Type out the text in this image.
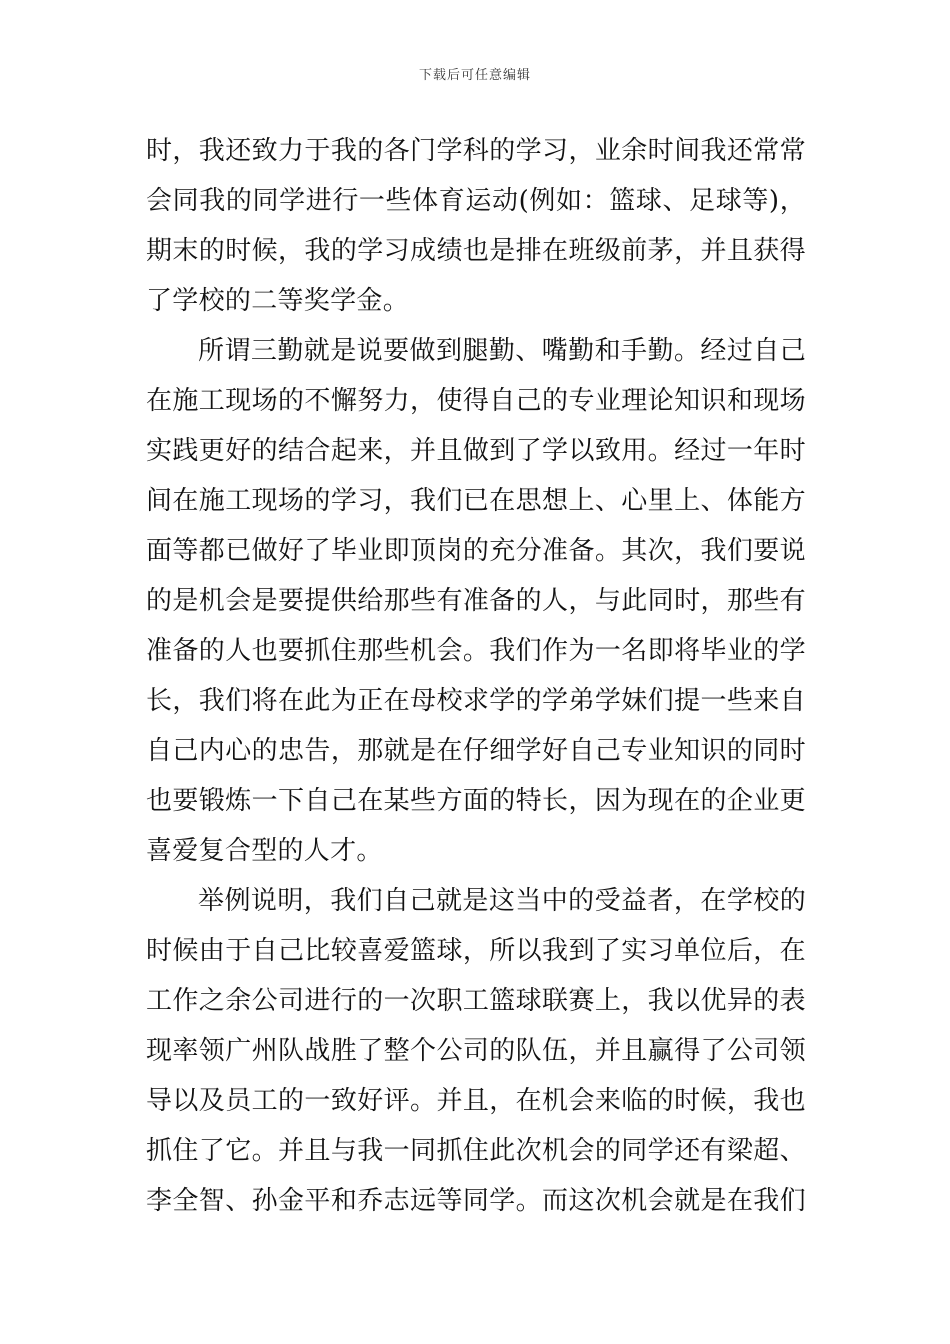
下载后可任意编辑
时，我还致力于我的各门学科的学习，业余时间我还常常
会同我的同学进行一些体育运动(例如：篮球、足球等)，
期末的时候，我的学习成绩也是排在班级前茅，并且获得
了学校的二等奖学金。
所谓三勤就是说要做到腿勤、嘴勤和手勤。经过自己
在施工现场的不懈努力，使得自己的专业理论知识和现场
实践更好的结合起来，并且做到了学以致用。经过一年时
间在施工现场的学习，我们已在思想上、心里上、体能方
面等都已做好了毕业即顶岗的充分准备。其次，我们要说
的是机会是要提供给那些有准备的人，与此同时，那些有
准备的人也要抓住那些机会。我们作为一名即将毕业的学
长，我们将在此为正在母校求学的学弟学妹们提一些来自
自己内心的忠告，那就是在仔细学好自己专业知识的同时
也要锻炼一下自己在某些方面的特长，因为现在的企业更
喜爱复合型的人才。
举例说明，我们自己就是这当中的受益者，在学校的
时候由于自己比较喜爱篮球，所以我到了实习单位后，在
工作之余公司进行的一次职工篮球联赛上，我以优异的表
现率领广州队战胜了整个公司的队伍，并且赢得了公司领
导以及员工的一致好评。并且，在机会来临的时候，我也
抓住了它。并且与我一同抓住此次机会的同学还有梁超、
李全智、孙金平和乔志远等同学。而这次机会就是在我们
